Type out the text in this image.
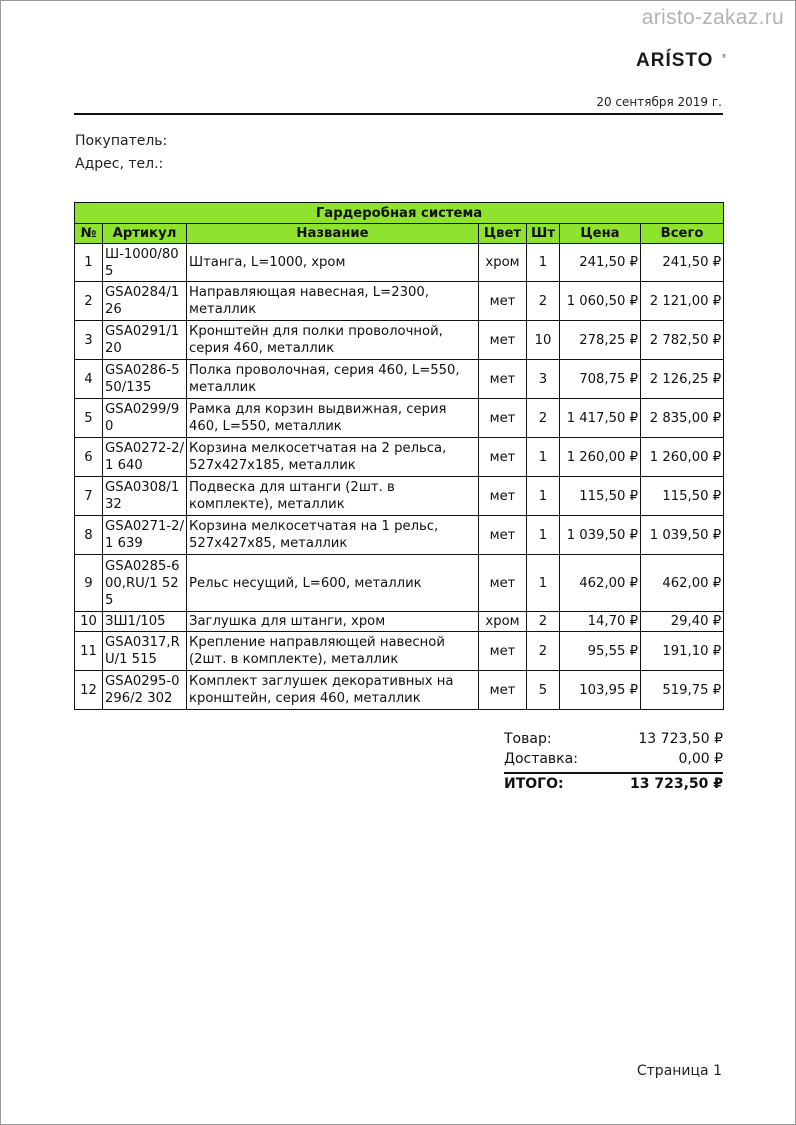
aristo-zakaz.ru
ARÍSTO ®
20 сентября 2019 г.
Покупатель:
Адрес, тел.:
Гардеробная система						
№	Артикул	Название	Цвет	Шт	Цена	Всего
1	Ш-1000/805	Штанга, L=1000, хром	хром	1	241,50 ₽	241,50 ₽
2	GSA0284/126	Направляющая навесная, L=2300, металлик	мет	2	1 060,50 ₽	2 121,00 ₽
3	GSA0291/120	Кронштейн для полки проволочной, серия 460, металлик	мет	10	278,25 ₽	2 782,50 ₽
4	GSA0286-550/135	Полка проволочная, серия 460, L=550, металлик	мет	3	708,75 ₽	2 126,25 ₽
5	GSA0299/90	Рамка для корзин выдвижная, серия 460, L=550, металлик	мет	2	1 417,50 ₽	2 835,00 ₽
6	GSA0272-2/1 640	Корзина мелкосетчатая на 2 рельса, 527x427x185, металлик	мет	1	1 260,00 ₽	1 260,00 ₽
7	GSA0308/132	Подвеска для штанги (2шт. в комплекте), металлик	мет	1	115,50 ₽	115,50 ₽
8	GSA0271-2/1 639	Корзина мелкосетчатая на 1 рельс, 527x427x85, металлик	мет	1	1 039,50 ₽	1 039,50 ₽
9	GSA0285-600,RU/1 525	Рельс несущий, L=600, металлик	мет	1	462,00 ₽	462,00 ₽
10	ЗШ1/105	Заглушка для штанги, хром	хром	2	14,70 ₽	29,40 ₽
11	GSA0317,RU/1 515	Крепление направляющей навесной (2шт. в комплекте), металлик	мет	2	95,55 ₽	191,10 ₽
12	GSA0295-0296/2 302	Комплект заглушек декоративных на кронштейн, серия 460, металлик	мет	5	103,95 ₽	519,75 ₽
Товар:	13 723,50 ₽
Доставка:	0,00 ₽
ИТОГО:	13 723,50 ₽
Страница 1
